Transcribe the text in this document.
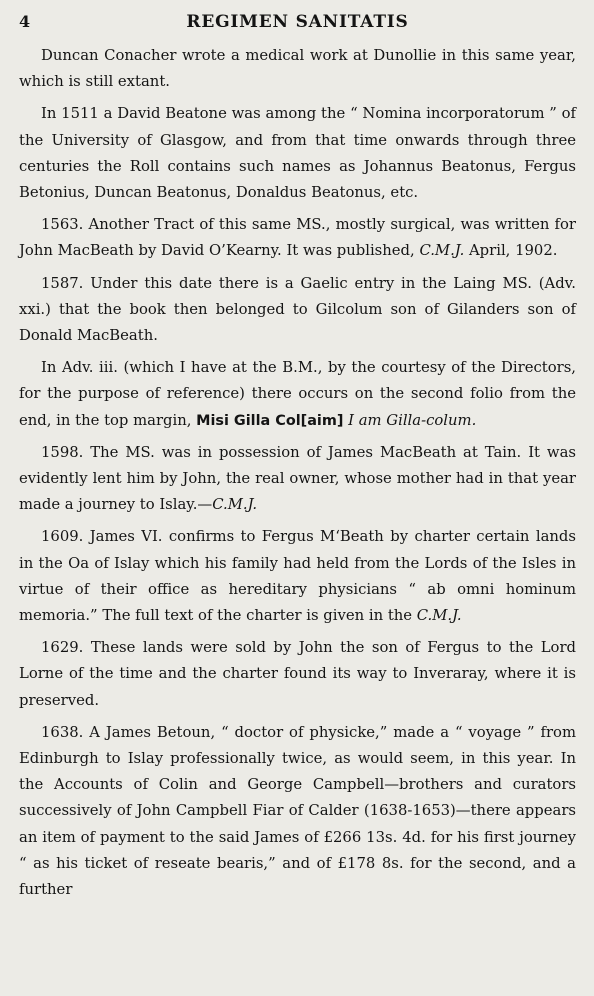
4	REGIMEN SANITATIS

Duncan Conacher wrote a medical work at Dunollie in this same year, which is still extant.

In 1511 a David Beatone was among the “ Nomina incorporatorum ” of the University of Glasgow, and from that time onwards through three centuries the Roll contains such names as Johannus Beatonus, Fergus Betonius, Duncan Beatonus, Donaldus Beatonus, etc.

1563. Another Tract of this same MS., mostly surgical, was written for John MacBeath by David O’Kearny. It was published, C.M.J. April, 1902.

1587. Under this date there is a Gaelic entry in the Laing MS. (Adv. xxi.) that the book then belonged to Gilcolum son of Gilanders son of Donald MacBeath.

In Adv. iii. (which I have at the B.M., by the courtesy of the Directors, for the purpose of reference) there occurs on the second folio from the end, in the top margin, Misi Gilla Col[aim] I am Gilla-colum.

1598. The MS. was in possession of James MacBeath at Tain. It was evidently lent him by John, the real owner, whose mother had in that year made a journey to Islay.—C.M.J.

1609. James VI. confirms to Fergus M‘Beath by charter certain lands in the Oa of Islay which his family had held from the Lords of the Isles in virtue of their office as hereditary physicians “ ab omni hominum memoria.” The full text of the charter is given in the C.M.J.

1629. These lands were sold by John the son of Fergus to the Lord Lorne of the time and the charter found its way to Inveraray, where it is preserved.

1638. A James Betoun, “ doctor of physicke,” made a “ voyage ” from Edinburgh to Islay professionally twice, as would seem, in this year. In the Accounts of Colin and George Campbell—brothers and curators successively of John Campbell Fiar of Calder (1638-1653)—there appears an item of payment to the said James of £266 13s. 4d. for his first journey “ as his ticket of reseate bearis,” and of £178 8s. for the second, and a further
